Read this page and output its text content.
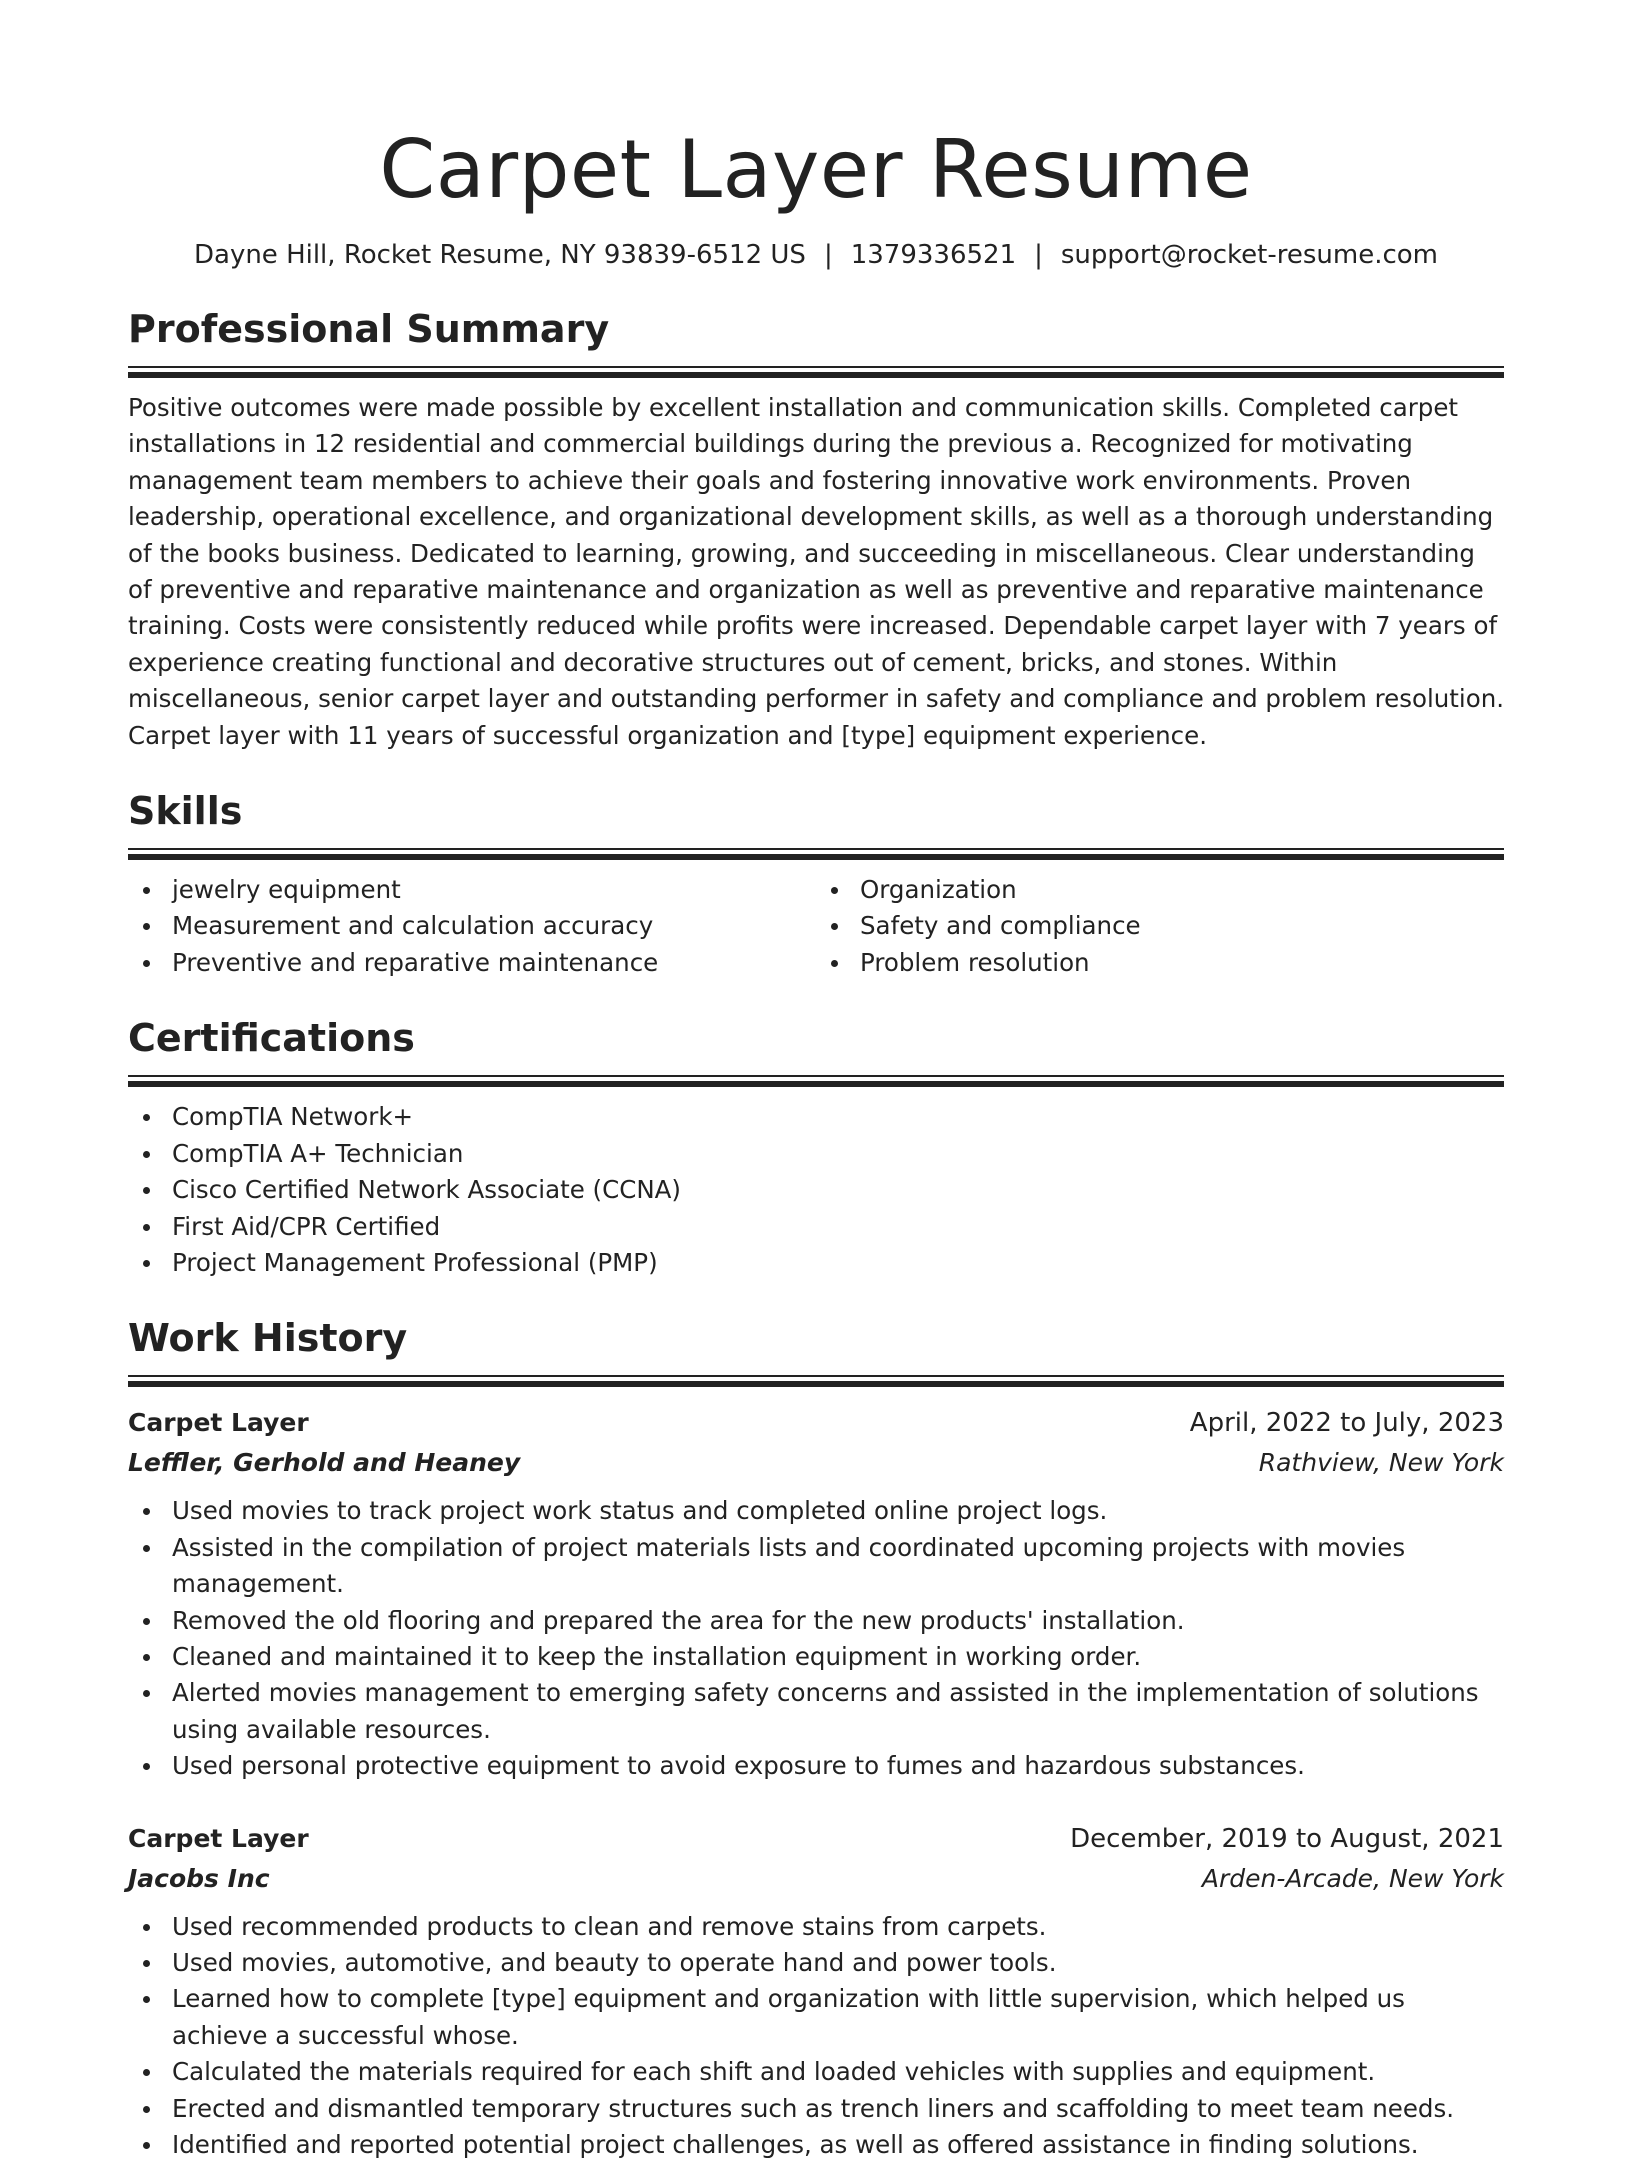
Carpet Layer Resume
Dayne Hill, Rocket Resume, NY 93839-6512 US | 1379336521 | support@rocket-resume.com
Professional Summary

Positive outcomes were made possible by excellent installation and communication skills. Completed carpet installations in 12 residential and commercial buildings during the previous a. Recognized for motivating management team members to achieve their goals and fostering innovative work environments. Proven leadership, operational excellence, and organizational development skills, as well as a thorough understanding of the books business. Dedicated to learning, growing, and succeeding in miscellaneous. Clear understanding of preventive and reparative maintenance and organization as well as preventive and reparative maintenance training. Costs were consistently reduced while profits were increased. Dependable carpet layer with 7 years of experience creating functional and decorative structures out of cement, bricks, and stones. Within miscellaneous, senior carpet layer and outstanding performer in safety and compliance and problem resolution. Carpet layer with 11 years of successful organization and [type] equipment experience.

Skills
jewelry equipment
Measurement and calculation accuracy
Preventive and reparative maintenance
Organization
Safety and compliance
Problem resolution
Certifications
CompTIA Network+
CompTIA A+ Technician
Cisco Certified Network Associate (CCNA)
First Aid/CPR Certified
Project Management Professional (PMP)
Work History
Carpet Layer	April, 2022 to July, 2023
Leffler, Gerhold and Heaney	Rathview, New York
Used movies to track project work status and completed online project logs.
Assisted in the compilation of project materials lists and coordinated upcoming projects with movies management.
Removed the old flooring and prepared the area for the new products' installation.
Cleaned and maintained it to keep the installation equipment in working order.
Alerted movies management to emerging safety concerns and assisted in the implementation of solutions using available resources.
Used personal protective equipment to avoid exposure to fumes and hazardous substances.
Carpet Layer	December, 2019 to August, 2021
Jacobs Inc	Arden-Arcade, New York
Used recommended products to clean and remove stains from carpets.
Used movies, automotive, and beauty to operate hand and power tools.
Learned how to complete [type] equipment and organization with little supervision, which helped us achieve a successful whose.
Calculated the materials required for each shift and loaded vehicles with supplies and equipment.
Erected and dismantled temporary structures such as trench liners and scaffolding to meet team needs.
Identified and reported potential project challenges, as well as offered assistance in finding solutions.
